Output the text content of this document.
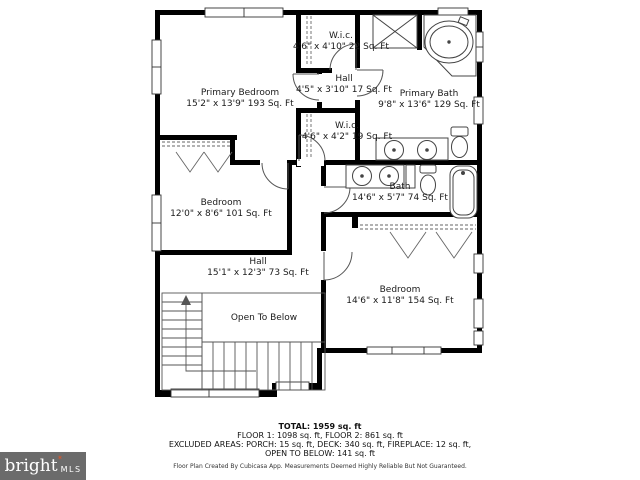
Primary Bedroom
15'2" x 13'9" 193 Sq. Ft
W.i.c.
4'6" x 4'10" 22 Sq. Ft
Hall
4'5" x 3'10" 17 Sq. Ft Primary Bath
9'8" x 13'6" 129 Sq. Ft
W.i.c.
4'6" x 4'2" 19 Sq. Ft
Bedroom
12'0" x 8'6" 101 Sq. Ft
Bath
14'6" x 5'7" 74 Sq. Ft
Hall
15'1" x 12'3" 73 Sq. Ft
Open To Below
Bedroom
14'6" x 11'8" 154 Sq. Ft
TOTAL: 1959 sq. ft
FLOOR 1: 1098 sq. ft, FLOOR 2: 861 sq. ft
EXCLUDED AREAS: PORCH: 15 sq. ft, DECK: 340 sq. ft, FIREPLACE: 12 sq. ft,
OPEN TO BELOW: 141 sq. ft
Floor Plan Created By Cubicasa App. Measurements Deemed Highly Reliable But Not Guaranteed.
bright ✶
MLS
